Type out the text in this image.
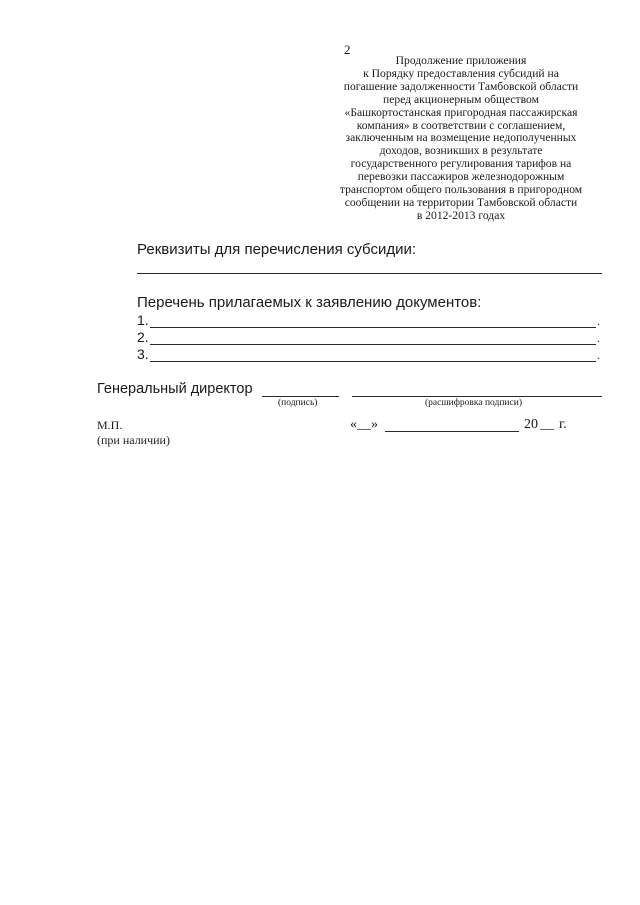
2
Продолжение приложения
к Порядку предоставления субсидий на
погашение задолженности Тамбовской области
перед акционерным обществом
«Башкортостанская пригородная пассажирская
компания» в соответствии с соглашением,
заключенным на возмещение недополученных
доходов, возникших в результате
государственного регулирования тарифов на
перевозки пассажиров железнодорожным
транспортом общего пользования в пригородном
сообщении на территории Тамбовской области
в 2012-2013 годах
Реквизиты для перечисления субсидии:
Перечень прилагаемых к заявлению документов:
1.	.
2.	.
3.	.
Генеральный директор
(подпись)	(расшифровка подписи)
М.П.
(при наличии)
«__»	20 __ г.
